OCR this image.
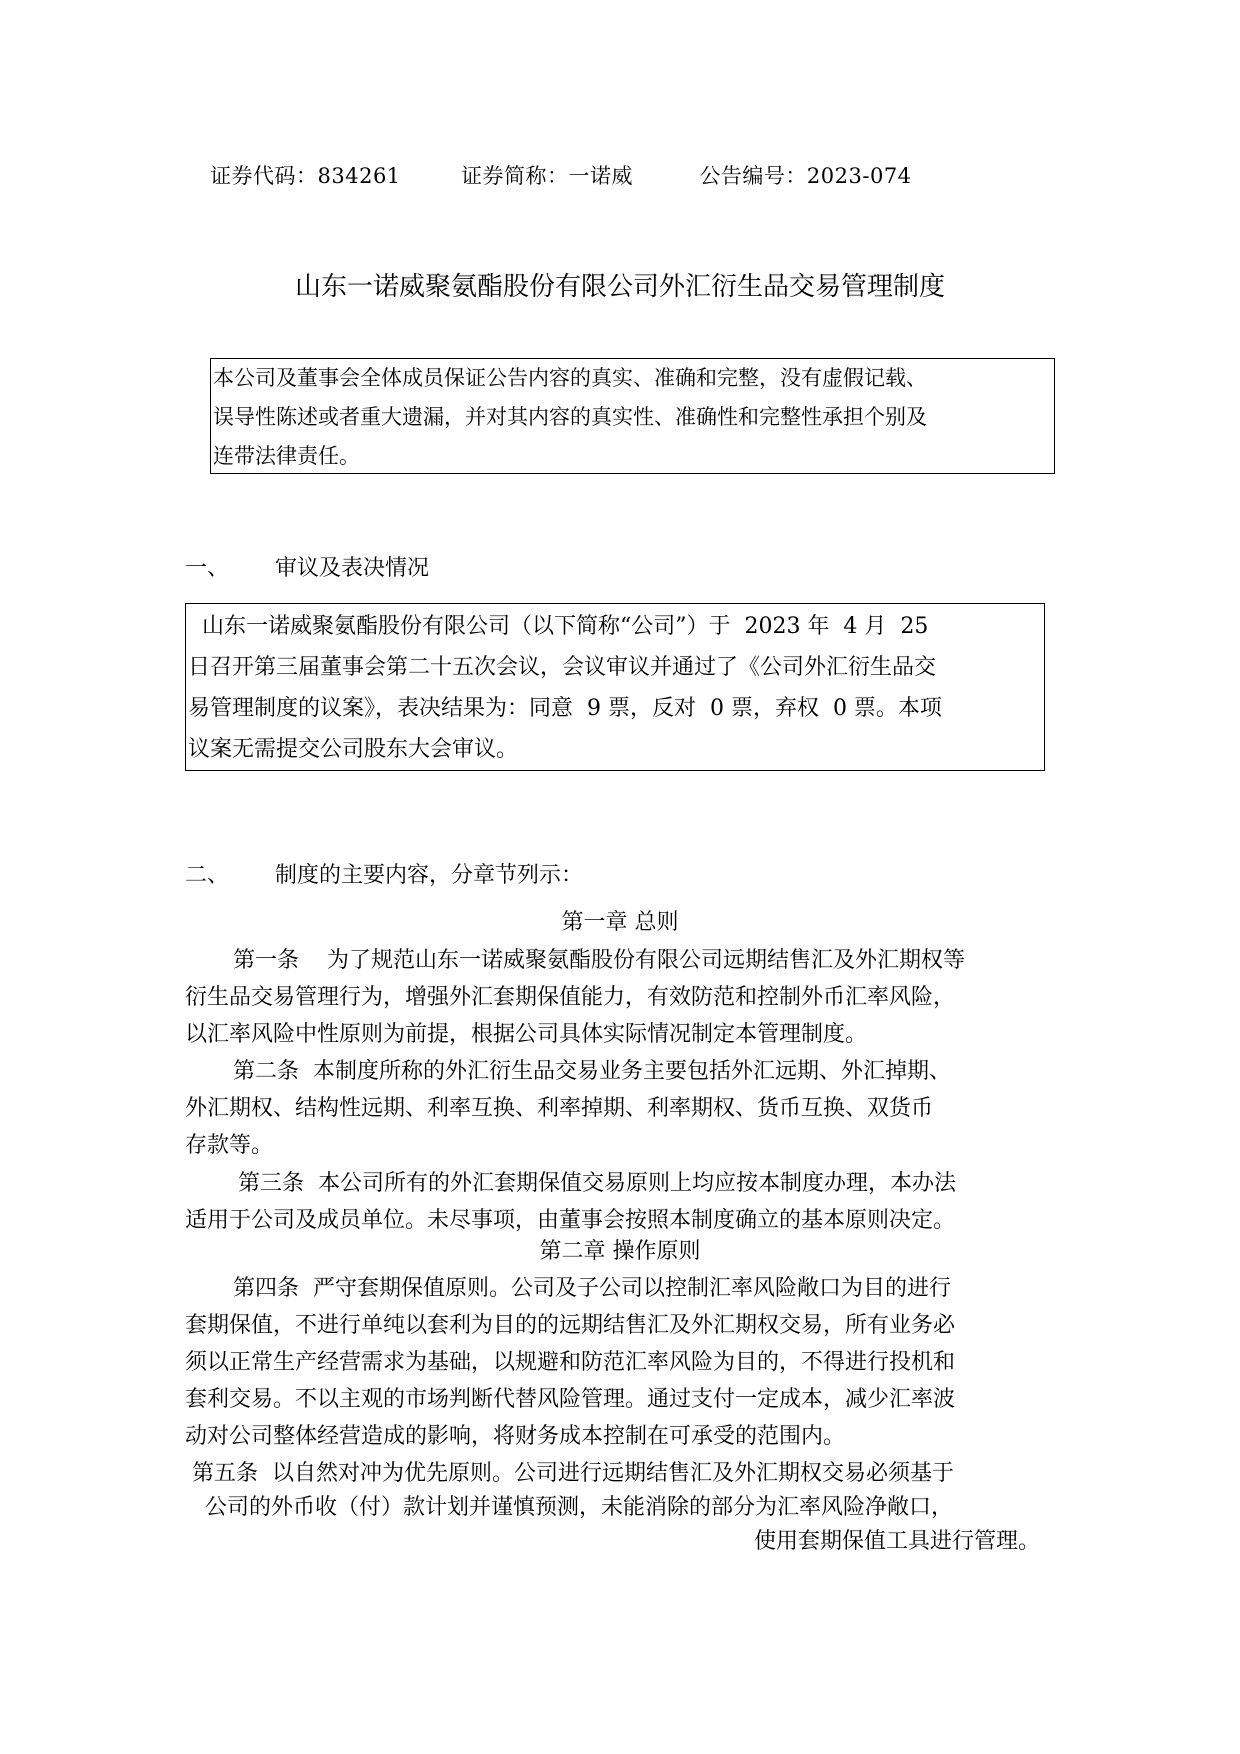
证券代码：834261	证券简称：一诺威	公告编号：2023-074
山东一诺威聚氨酯股份有限公司外汇衍生品交易管理制度
本公司及董事会全体成员保证公告内容的真实、准确和完整，没有虚假记载、
误导性陈述或者重大遗漏，并对其内容的真实性、准确性和完整性承担个别及
连带法律责任。
一、 审议及表决情况
山东一诺威聚氨酯股份有限公司（以下简称“公司”）于  2023 年  4 月  25
日召开第三届董事会第二十五次会议，会议审议并通过了《公司外汇衍生品交
易管理制度的议案》，表决结果为：同意  9 票，反对  0 票，弃权  0 票。本项
议案无需提交公司股东大会审议。
二、 制度的主要内容，分章节列示：
第一章 总则
第一条    为了规范山东一诺威聚氨酯股份有限公司远期结售汇及外汇期权等
衍生品交易管理行为，增强外汇套期保值能力，有效防范和控制外币汇率风险，
以汇率风险中性原则为前提，根据公司具体实际情况制定本管理制度。
第二条  本制度所称的外汇衍生品交易业务主要包括外汇远期、外汇掉期、
外汇期权、结构性远期、利率互换、利率掉期、利率期权、货币互换、双货币
存款等。
第三条  本公司所有的外汇套期保值交易原则上均应按本制度办理，本办法
适用于公司及成员单位。未尽事项，由董事会按照本制度确立的基本原则决定。
第二章 操作原则
第四条  严守套期保值原则。公司及子公司以控制汇率风险敞口为目的进行
套期保值，不进行单纯以套利为目的的远期结售汇及外汇期权交易，所有业务必
须以正常生产经营需求为基础，以规避和防范汇率风险为目的，不得进行投机和
套利交易。不以主观的市场判断代替风险管理。通过支付一定成本，减少汇率波
动对公司整体经营造成的影响，将财务成本控制在可承受的范围内。
第五条  以自然对冲为优先原则。公司进行远期结售汇及外汇期权交易必须基于
公司的外币收（付）款计划并谨慎预测，未能消除的部分为汇率风险净敞口，
使用套期保值工具进行管理。
